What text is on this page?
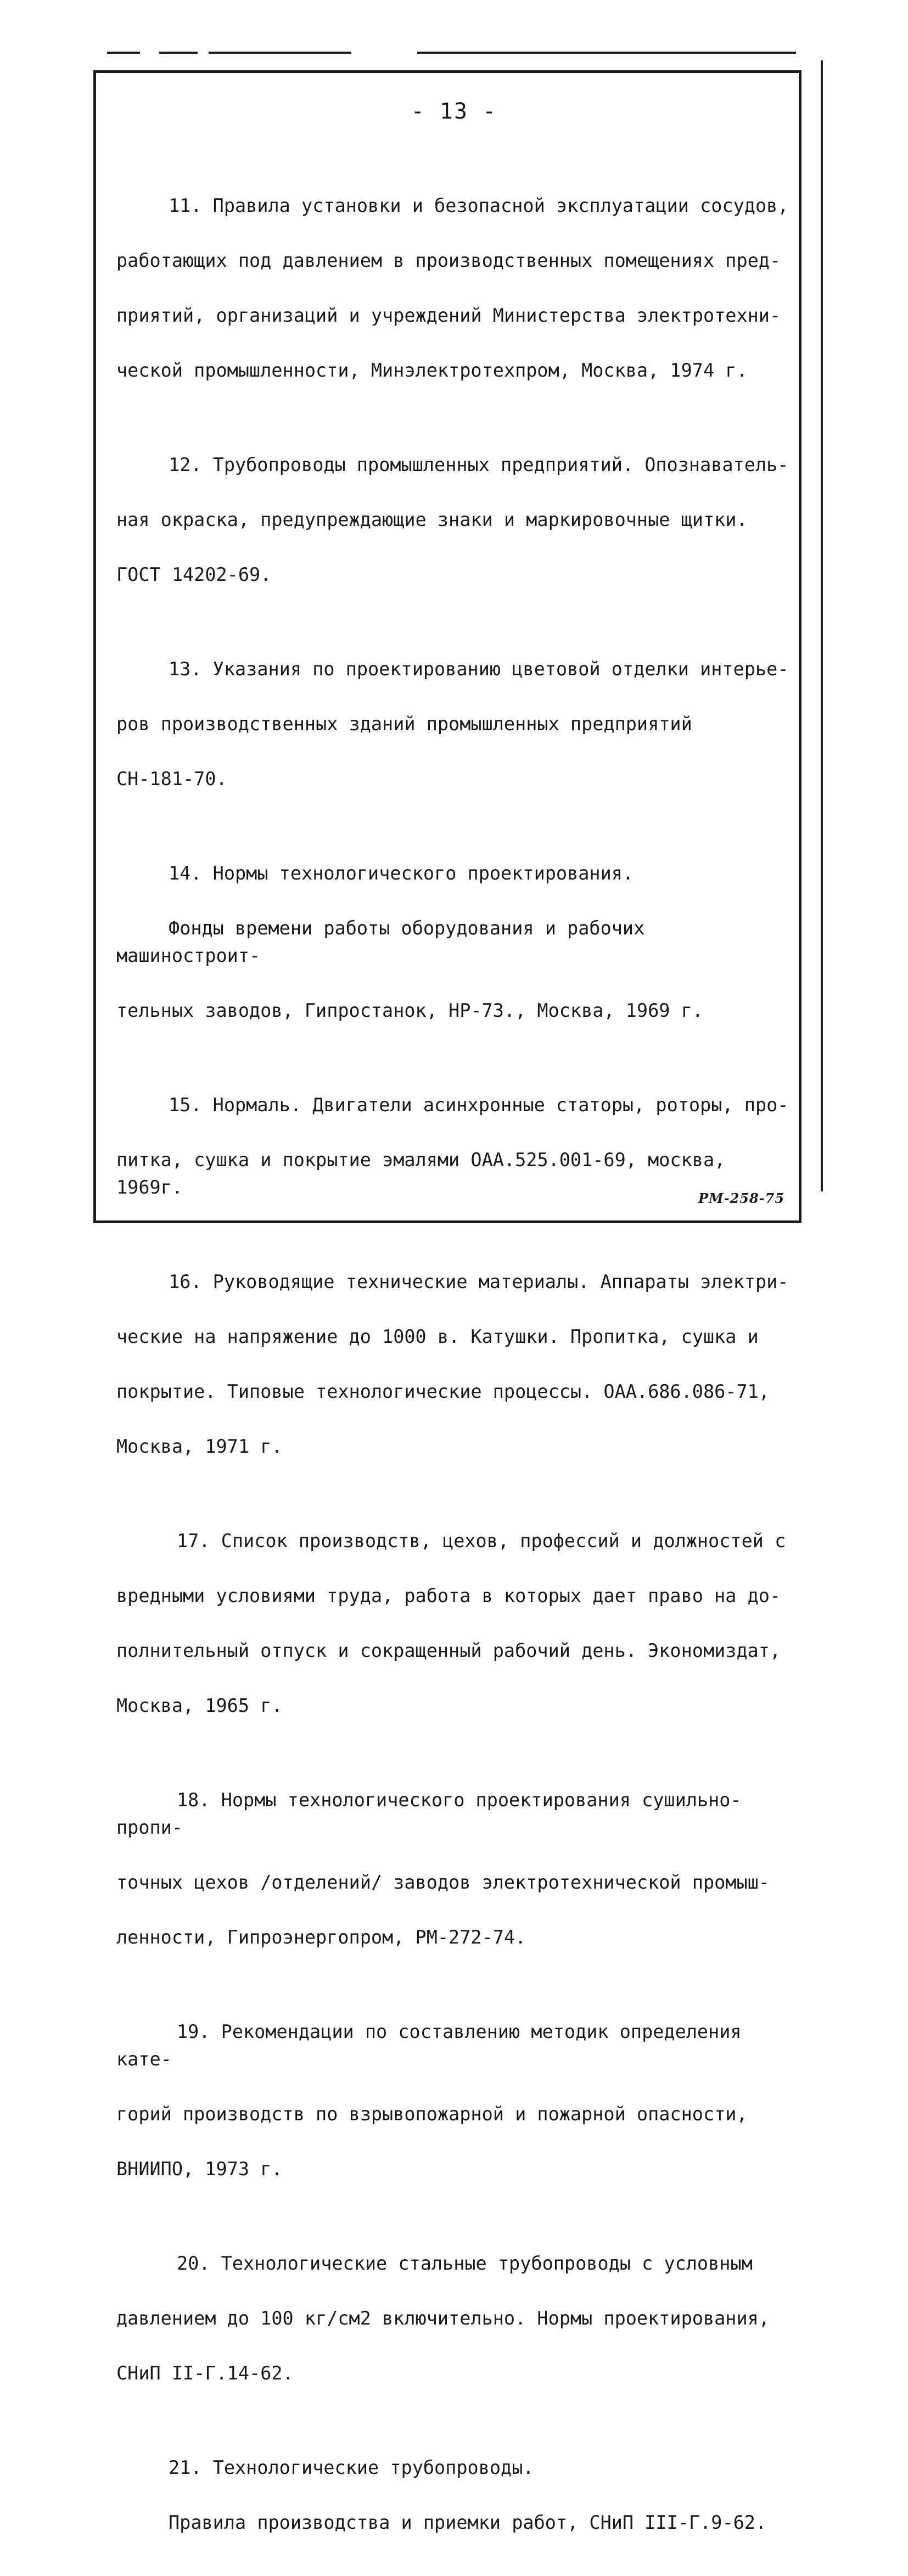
- 13 -

11. Правила установки и безопасной эксплуатации сосудов,

работающих под давлением в производственных помещениях пред-

приятий, организаций и учреждений Министерства электротехни-

ческой промышленности, Минэлектротехпром, Москва, 1974 г.

12. Трубопроводы промышленных предприятий. Опознаватель-

ная окраска, предупреждающие знаки и маркировочные щитки.

ГОСТ 14202-69.

13. Указания по проектированию цветовой отделки интерье-

ров производственных зданий промышленных предприятий

СН-181-70.

14. Нормы технологического проектирования.

Фонды времени работы оборудования и рабочих машиностроит-

тельных заводов, Гипростанок, НР-73., Москва, 1969 г.

15. Нормаль. Двигатели асинхронные статоры, роторы, про-

питка, сушка и покрытие эмалями ОАА.525.001-69, москва, 1969г.

16. Руководящие технические материалы. Аппараты электри-

ческие на напряжение до 1000 в. Катушки. Пропитка, сушка и

покрытие. Типовые технологические процессы. ОАА.686.086-71,

Москва, 1971 г.

17. Список производств, цехов, профессий и должностей с

вредными условиями труда, работа в которых дает право на до-

полнительный отпуск и сокращенный рабочий день. Экономиздат,

Москва, 1965 г.

18. Нормы технологического проектирования сушильно-пропи-

точных цехов /отделений/ заводов электротехнической промыш-

ленности, Гипроэнергопром, РМ-272-74.

19. Рекомендации по составлению методик определения кате-

горий производств по взрывопожарной и пожарной опасности,

ВНИИПО, 1973 г.

20. Технологические стальные трубопроводы с условным

давлением до 100 кг/см2 включительно. Нормы проектирования,

СНиП II-Г.14-62.

21. Технологические трубопроводы.

Правила производства и приемки работ, СНиП III-Г.9-62.

РМ-258-75
